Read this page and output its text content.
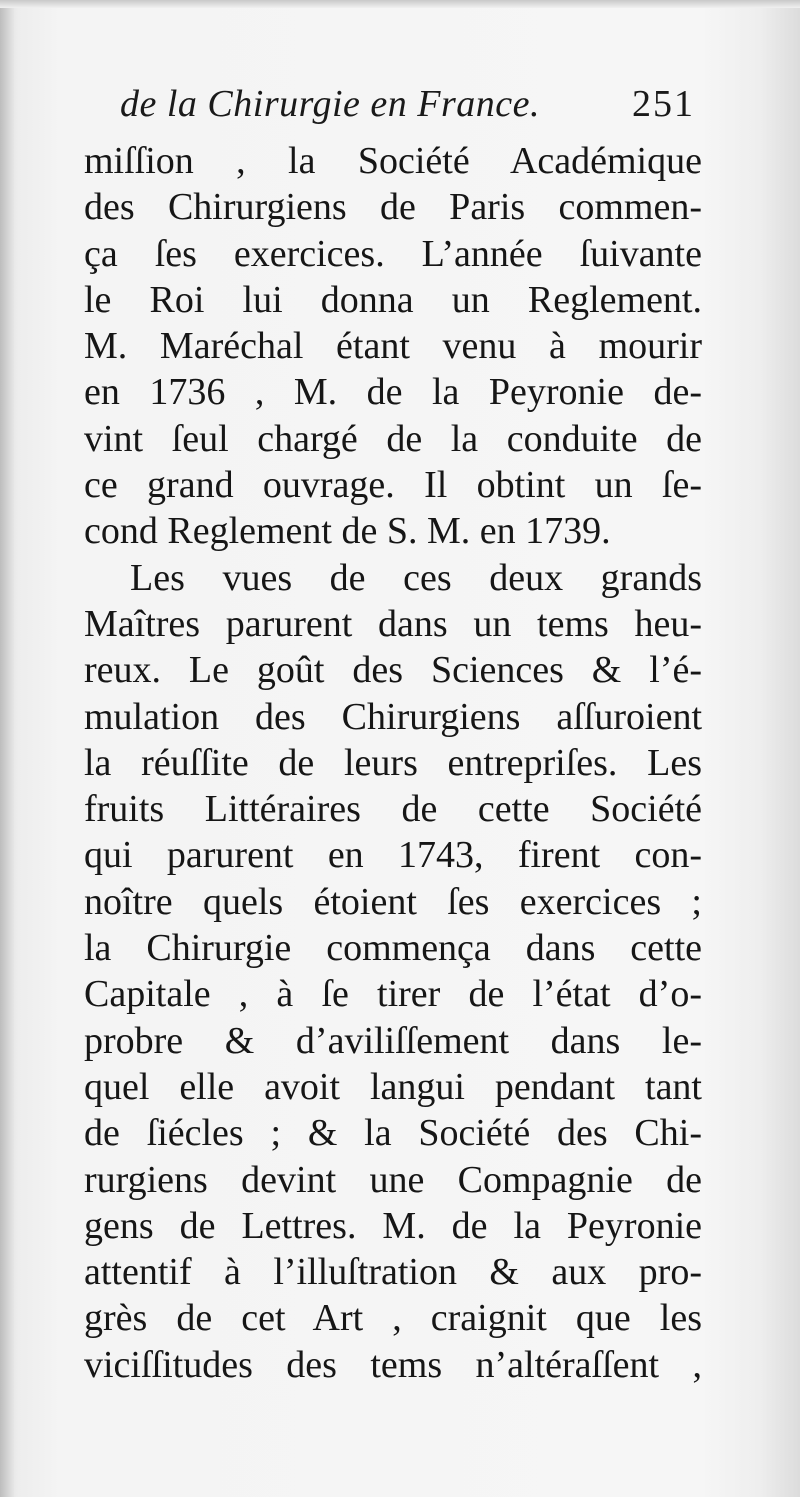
de la Chirurgie en France. 251
miſſion , la Société Académique
des Chirurgiens de Paris commen-
ça ſes exercices. L’année ſuivante
le Roi lui donna un Reglement.
M. Maréchal étant venu à mourir
en 1736 , M. de la Peyronie de-
vint ſeul chargé de la conduite de
ce grand ouvrage. Il obtint un ſe-
cond Reglement de S. M. en 1739.
Les vues de ces deux grands
Maîtres parurent dans un tems heu-
reux. Le goût des Sciences & l’é-
mulation des Chirurgiens aſſuroient
la réuſſite de leurs entrepriſes. Les
fruits Littéraires de cette Société
qui parurent en 1743, firent con-
noître quels étoient ſes exercices ;
la Chirurgie commença dans cette
Capitale , à ſe tirer de l’état d’o-
probre & d’aviliſſement dans le-
quel elle avoit langui pendant tant
de ſiécles ; & la Société des Chi-
rurgiens devint une Compagnie de
gens de Lettres. M. de la Peyronie
attentif à l’illuſtration & aux pro-
grès de cet Art , craignit que les
viciſſitudes des tems n’altéraſſent ,
